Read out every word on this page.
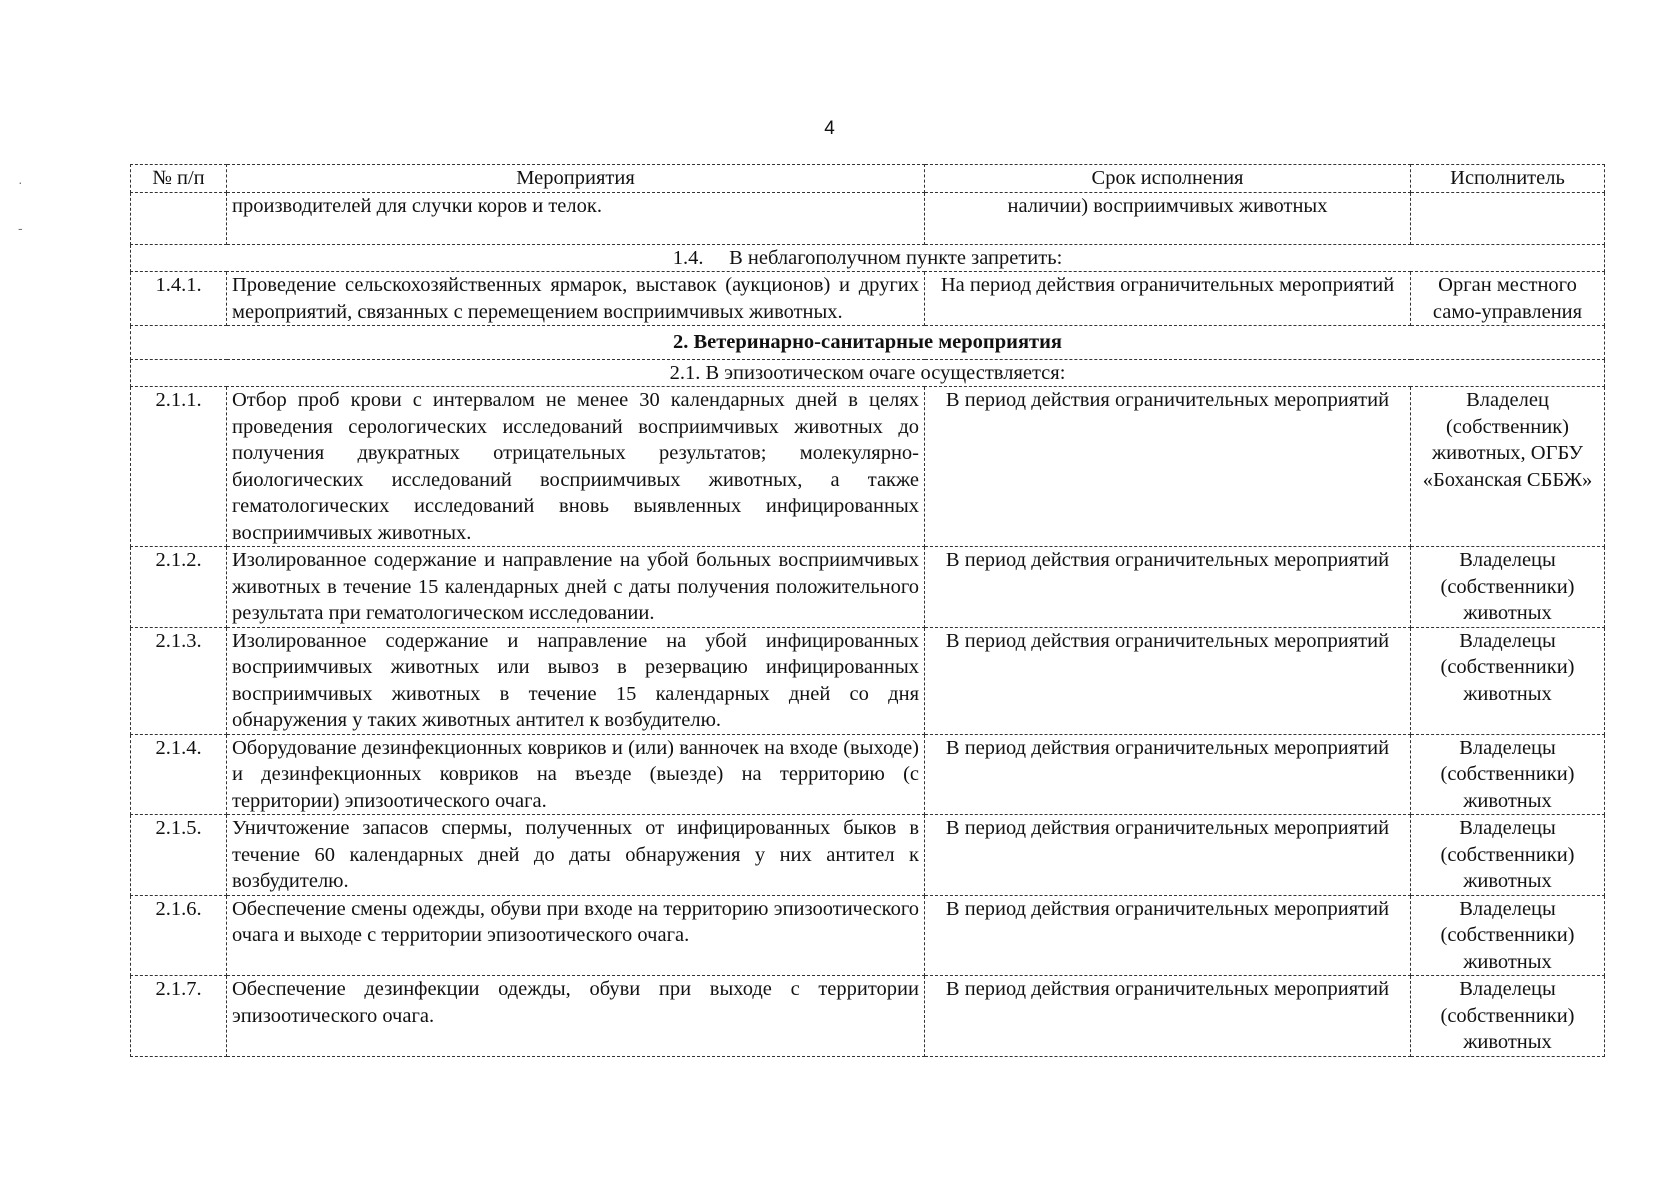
4
·
-
№ п/п	Мероприятия	Срок исполнения	Исполнитель
	производителей для случки коров и телок.	наличии) восприимчивых животных	
1.4.     В неблагополучном пункте запретить:			
1.4.1.	Проведение сельскохозяйственных ярмарок, выставок (аукционов) и других мероприятий, связанных с перемещением восприимчивых животных.	На период действия ограничительных мероприятий	Орган местного само-управления
2. Ветеринарно-санитарные мероприятия			
2.1. В эпизоотическом очаге осуществляется:			
2.1.1.	Отбор проб крови с интервалом не менее 30 календарных дней в целях проведения серологических исследований восприимчивых животных до получения двукратных отрицательных результатов; молекулярно-биологических исследований восприимчивых животных, а также гематологических исследований вновь выявленных инфицированных восприимчивых животных.	В период действия ограничительных мероприятий	Владелец (собственник) животных, ОГБУ «Боханская СББЖ»
2.1.2.	Изолированное содержание и направление на убой больных восприимчивых животных в течение 15 календарных дней с даты получения положительного результата при гематологическом исследовании.	В период действия ограничительных мероприятий	Владелецы (собственники) животных
2.1.3.	Изолированное содержание и направление на убой инфицированных восприимчивых животных или вывоз в резервацию инфицированных восприимчивых животных в течение 15 календарных дней со дня обнаружения у таких животных антител к возбудителю.	В период действия ограничительных мероприятий	Владелецы (собственники) животных
2.1.4.	Оборудование дезинфекционных ковриков и (или) ванночек на входе (выходе) и дезинфекционных ковриков на въезде (выезде) на территорию (с территории) эпизоотического очага.	В период действия ограничительных мероприятий	Владелецы (собственники) животных
2.1.5.	Уничтожение запасов спермы, полученных от инфицированных быков в течение 60 календарных дней до даты обнаружения у них антител к возбудителю.	В период действия ограничительных мероприятий	Владелецы (собственники) животных
2.1.6.	Обеспечение смены одежды, обуви при входе на территорию эпизоотического очага и выходе с территории эпизоотического очага.	В период действия ограничительных мероприятий	Владелецы (собственники) животных
2.1.7.	Обеспечение дезинфекции одежды, обуви при выходе с территории эпизоотического очага.	В период действия ограничительных мероприятий	Владелецы (собственники) животных
